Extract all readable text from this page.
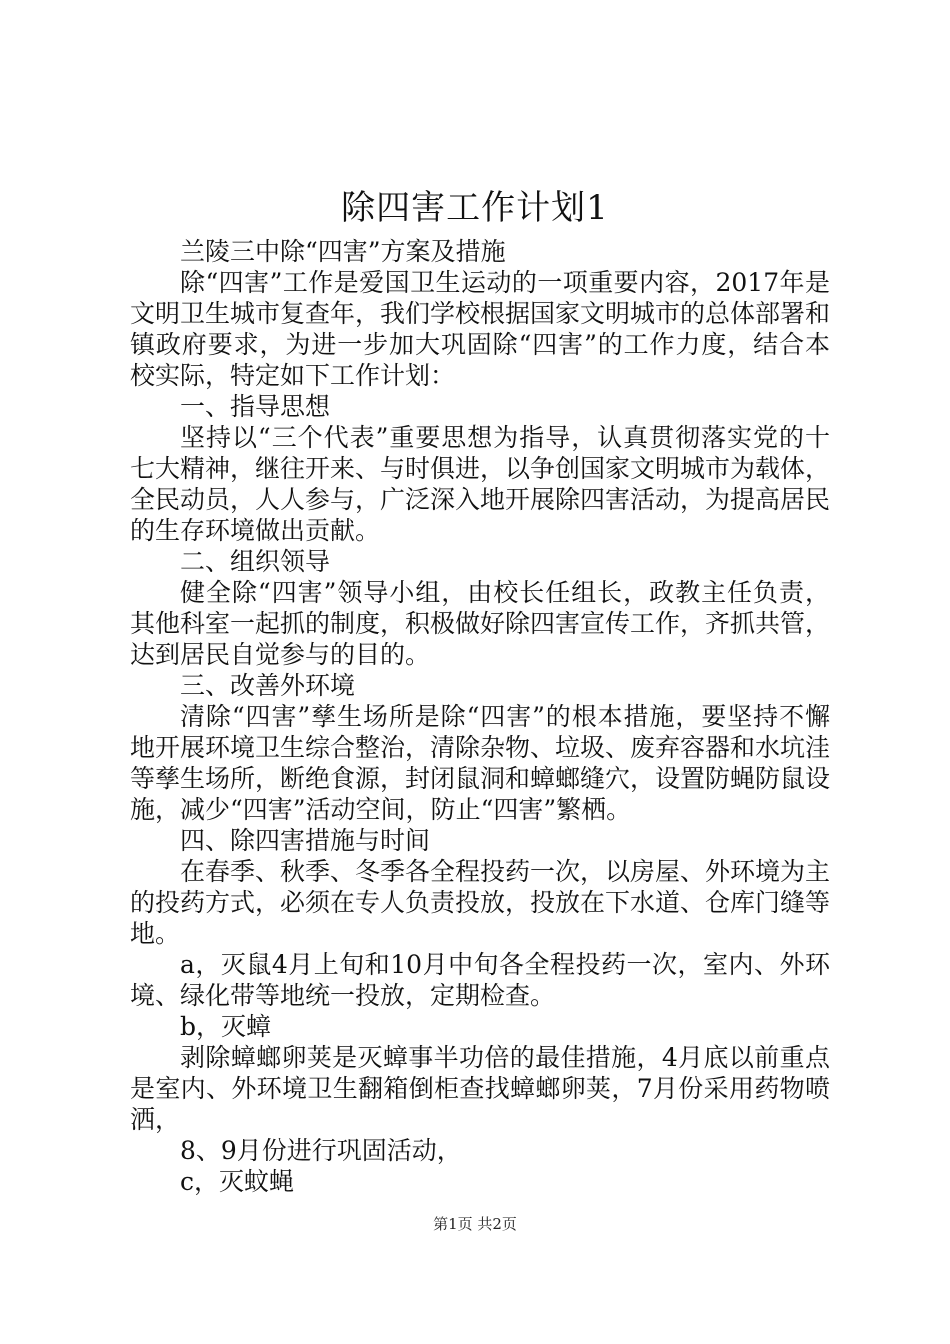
除四害工作计划1

兰陵三中除“四害”方案及措施

除“四害”工作是爱国卫生运动的一项重要内容，2017年是文明卫生城市复查年，我们学校根据国家文明城市的总体部署和镇政府要求，为进一步加大巩固除“四害”的工作力度，结合本校实际，特定如下工作计划：

一、指导思想

坚持以“三个代表”重要思想为指导，认真贯彻落实党的十七大精神，继往开来、与时俱进，以争创国家文明城市为载体，全民动员，人人参与，广泛深入地开展除四害活动，为提高居民的生存环境做出贡献。

二、组织领导

健全除“四害”领导小组，由校长任组长，政教主任负责，其他科室一起抓的制度，积极做好除四害宣传工作，齐抓共管，达到居民自觉参与的目的。

三、改善外环境

清除“四害”孳生场所是除“四害”的根本措施，要坚持不懈地开展环境卫生综合整治，清除杂物、垃圾、废弃容器和水坑洼等孳生场所，断绝食源，封闭鼠洞和蟑螂缝穴，设置防蝇防鼠设施，减少“四害”活动空间，防止“四害”繁栖。

四、除四害措施与时间

在春季、秋季、冬季各全程投药一次，以房屋、外环境为主的投药方式，必须在专人负责投放，投放在下水道、仓库门缝等地。

a，灭鼠4月上旬和10月中旬各全程投药一次，室内、外环境、绿化带等地统一投放，定期检查。

b，灭蟑

剥除蟑螂卵荚是灭蟑事半功倍的最佳措施，4月底以前重点是室内、外环境卫生翻箱倒柜查找蟑螂卵荚，7月份采用药物喷洒，

8、9月份进行巩固活动，

c，灭蚊蝇

第1页 共2页
